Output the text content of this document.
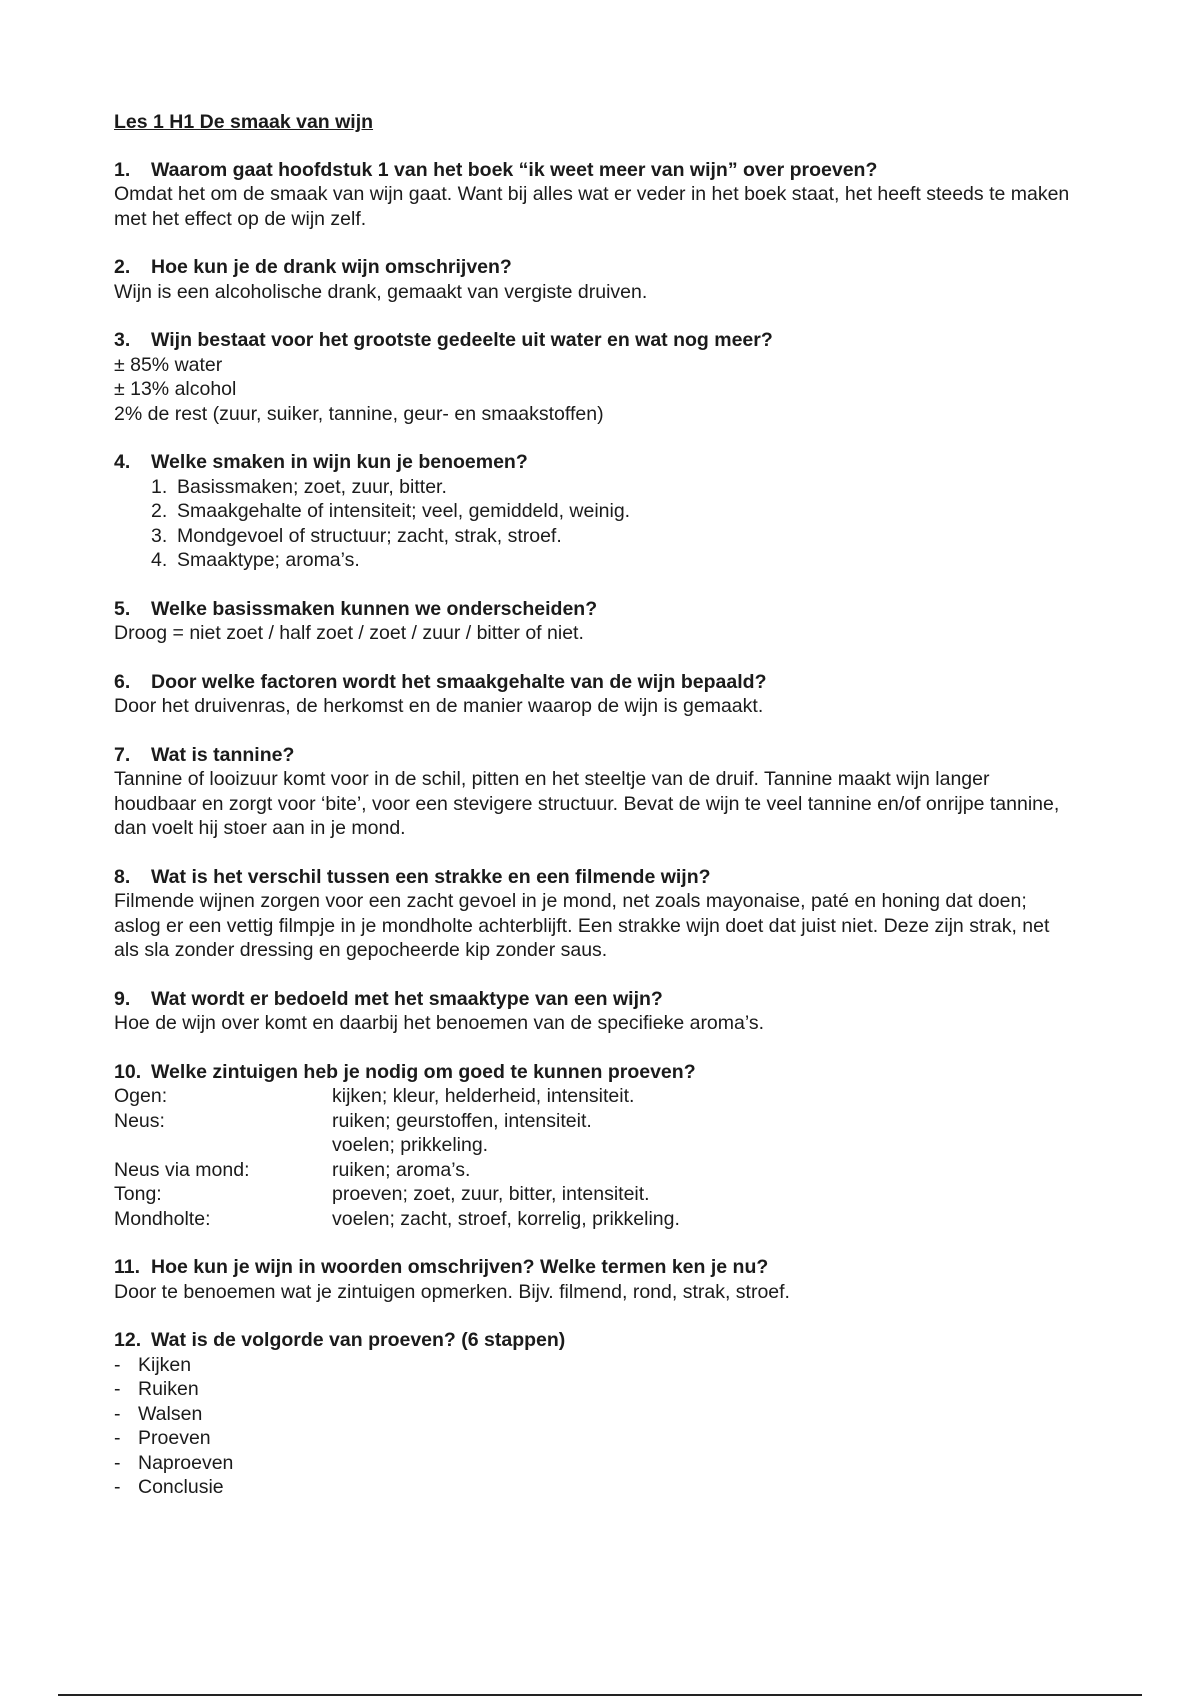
Les 1 H1 De smaak van wijn
1.	Waarom gaat hoofdstuk 1 van het boek “ik weet meer van wijn” over proeven?

Omdat het om de smaak van wijn gaat. Want bij alles wat er veder in het boek staat, het heeft steeds te maken met het effect op de wijn zelf.

2.	Hoe kun je de drank wijn omschrijven?

Wijn is een alcoholische drank, gemaakt van vergiste druiven.

3.	Wijn bestaat voor het grootste gedeelte uit water en wat nog meer?
± 85% water
± 13% alcohol
2% de rest (zuur, suiker, tannine, geur- en smaakstoffen)
4.	Welke smaken in wijn kun je benoemen?
1. Basissmaken; zoet, zuur, bitter.
2. Smaakgehalte of intensiteit; veel, gemiddeld, weinig.
3. Mondgevoel of structuur; zacht, strak, stroef.
4. Smaaktype; aroma’s.
5.	Welke basissmaken kunnen we onderscheiden?

Droog = niet zoet / half zoet / zoet / zuur / bitter of niet.

6.	Door welke factoren wordt het smaakgehalte van de wijn bepaald?

Door het druivenras, de herkomst en de manier waarop de wijn is gemaakt.

7.	Wat is tannine?

Tannine of looizuur komt voor in de schil, pitten en het steeltje van de druif. Tannine maakt wijn langer houdbaar en zorgt voor ‘bite’, voor een stevigere structuur. Bevat de wijn te veel tannine en/of onrijpe tannine, dan voelt hij stoer aan in je mond.

8.	Wat is het verschil tussen een strakke en een filmende wijn?

Filmende wijnen zorgen voor een zacht gevoel in je mond, net zoals mayonaise, paté en honing dat doen; aslog er een vettig filmpje in je mondholte achterblijft. Een strakke wijn doet dat juist niet. Deze zijn strak, net als sla zonder dressing en gepocheerde kip zonder saus.

9.	Wat wordt er bedoeld met het smaaktype van een wijn?

Hoe de wijn over komt en daarbij het benoemen van de specifieke aroma’s.

10. Welke zintuigen heb je nodig om goed te kunnen proeven?
Ogen:	kijken; kleur, helderheid, intensiteit.
Neus:	ruiken; geurstoffen, intensiteit.
voelen; prikkeling.
Neus via mond:	ruiken; aroma’s.
Tong:	proeven; zoet, zuur, bitter, intensiteit.
Mondholte:	voelen; zacht, stroef, korrelig, prikkeling.
11. Hoe kun je wijn in woorden omschrijven? Welke termen ken je nu?

Door te benoemen wat je zintuigen opmerken. Bijv. filmend, rond, strak, stroef.

12. Wat is de volgorde van proeven? (6 stappen)
- Kijken
- Ruiken
- Walsen
- Proeven
- Naproeven
- Conclusie
